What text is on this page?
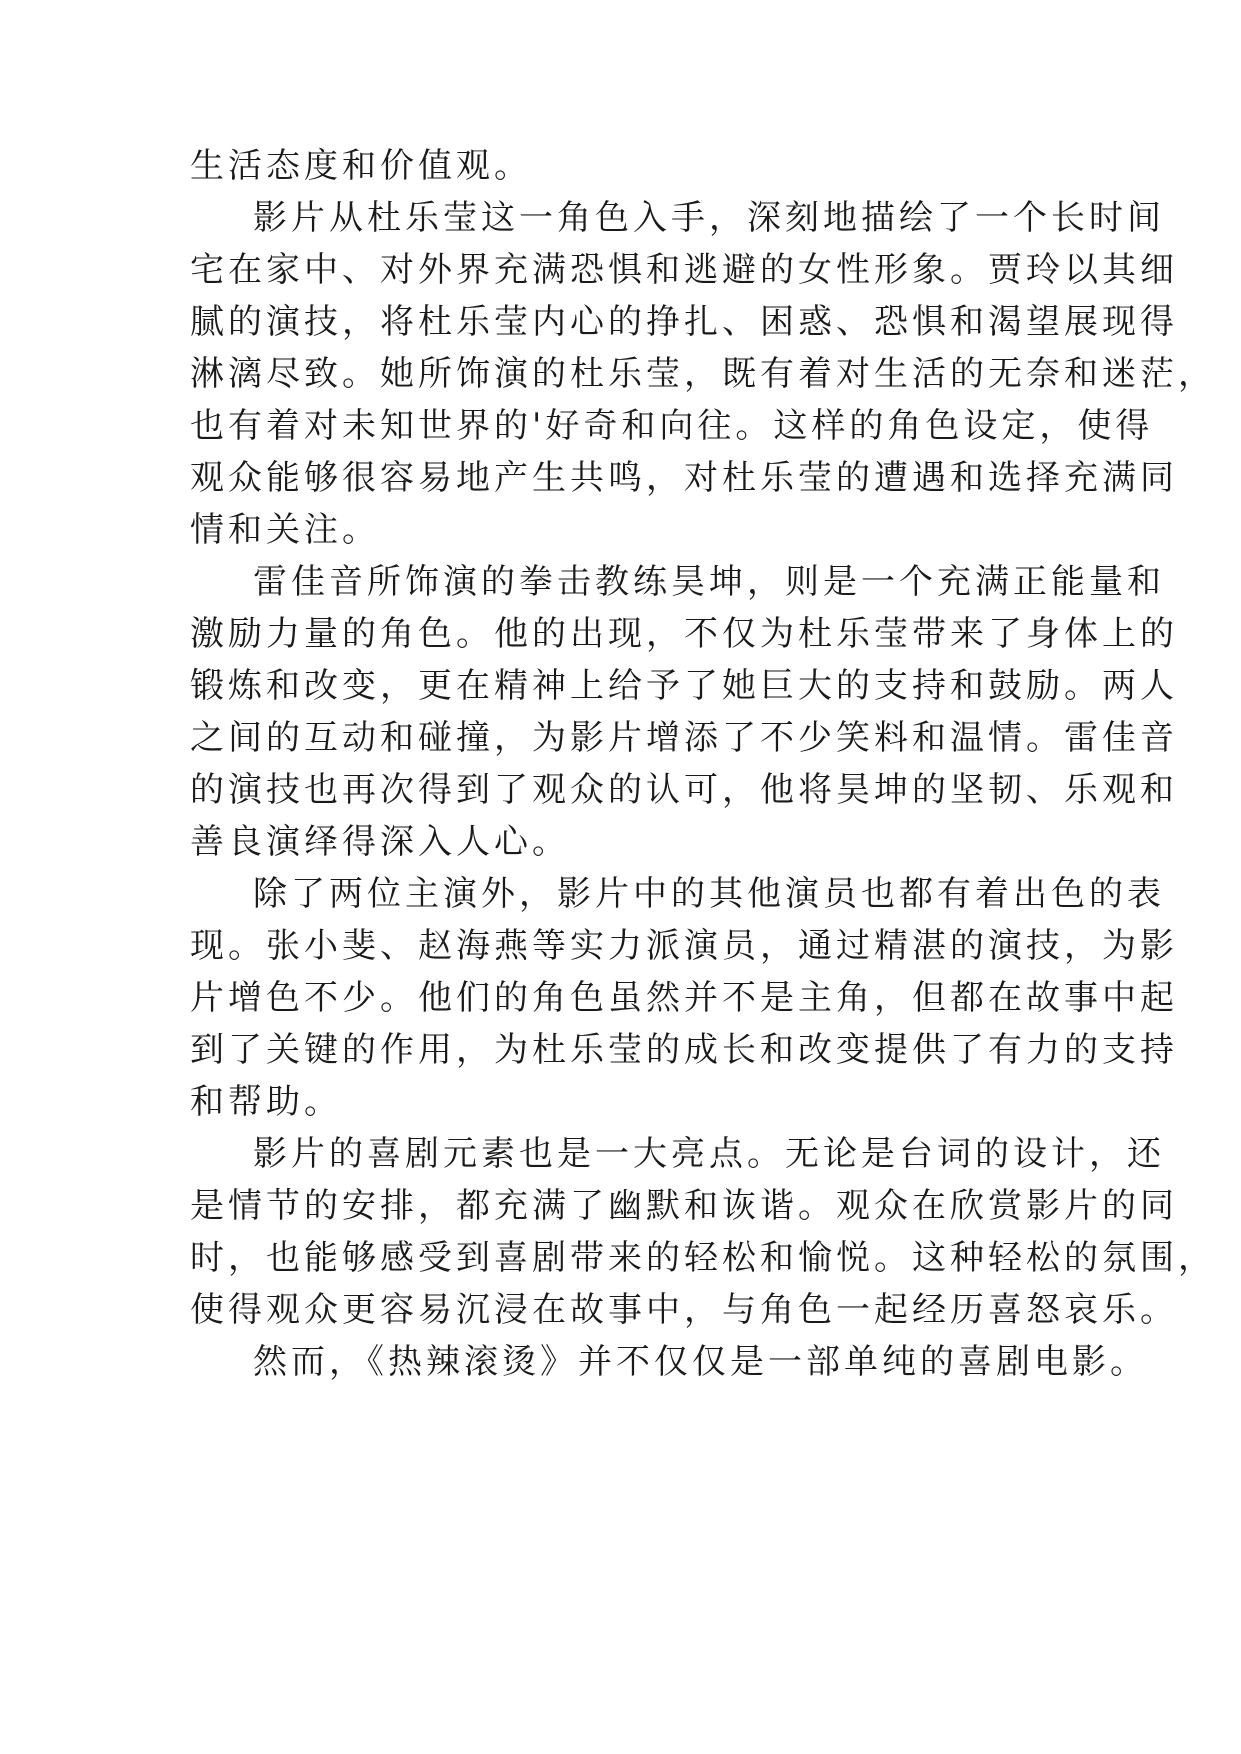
生活态度和价值观。
影片从杜乐莹这一角色入手，深刻地描绘了一个长时间
宅在家中、对外界充满恐惧和逃避的女性形象。贾玲以其细
腻的演技，将杜乐莹内心的挣扎、困惑、恐惧和渴望展现得
淋漓尽致。她所饰演的杜乐莹，既有着对生活的无奈和迷茫，
也有着对未知世界的'好奇和向往。这样的角色设定，使得
观众能够很容易地产生共鸣，对杜乐莹的遭遇和选择充满同
情和关注。
雷佳音所饰演的拳击教练昊坤，则是一个充满正能量和
激励力量的角色。他的出现，不仅为杜乐莹带来了身体上的
锻炼和改变，更在精神上给予了她巨大的支持和鼓励。两人
之间的互动和碰撞，为影片增添了不少笑料和温情。雷佳音
的演技也再次得到了观众的认可，他将昊坤的坚韧、乐观和
善良演绎得深入人心。
除了两位主演外，影片中的其他演员也都有着出色的表
现。张小斐、赵海燕等实力派演员，通过精湛的演技，为影
片增色不少。他们的角色虽然并不是主角，但都在故事中起
到了关键的作用，为杜乐莹的成长和改变提供了有力的支持
和帮助。
影片的喜剧元素也是一大亮点。无论是台词的设计，还
是情节的安排，都充满了幽默和诙谐。观众在欣赏影片的同
时，也能够感受到喜剧带来的轻松和愉悦。这种轻松的氛围，
使得观众更容易沉浸在故事中，与角色一起经历喜怒哀乐。
然而，《热辣滚烫》并不仅仅是一部单纯的喜剧电影。
